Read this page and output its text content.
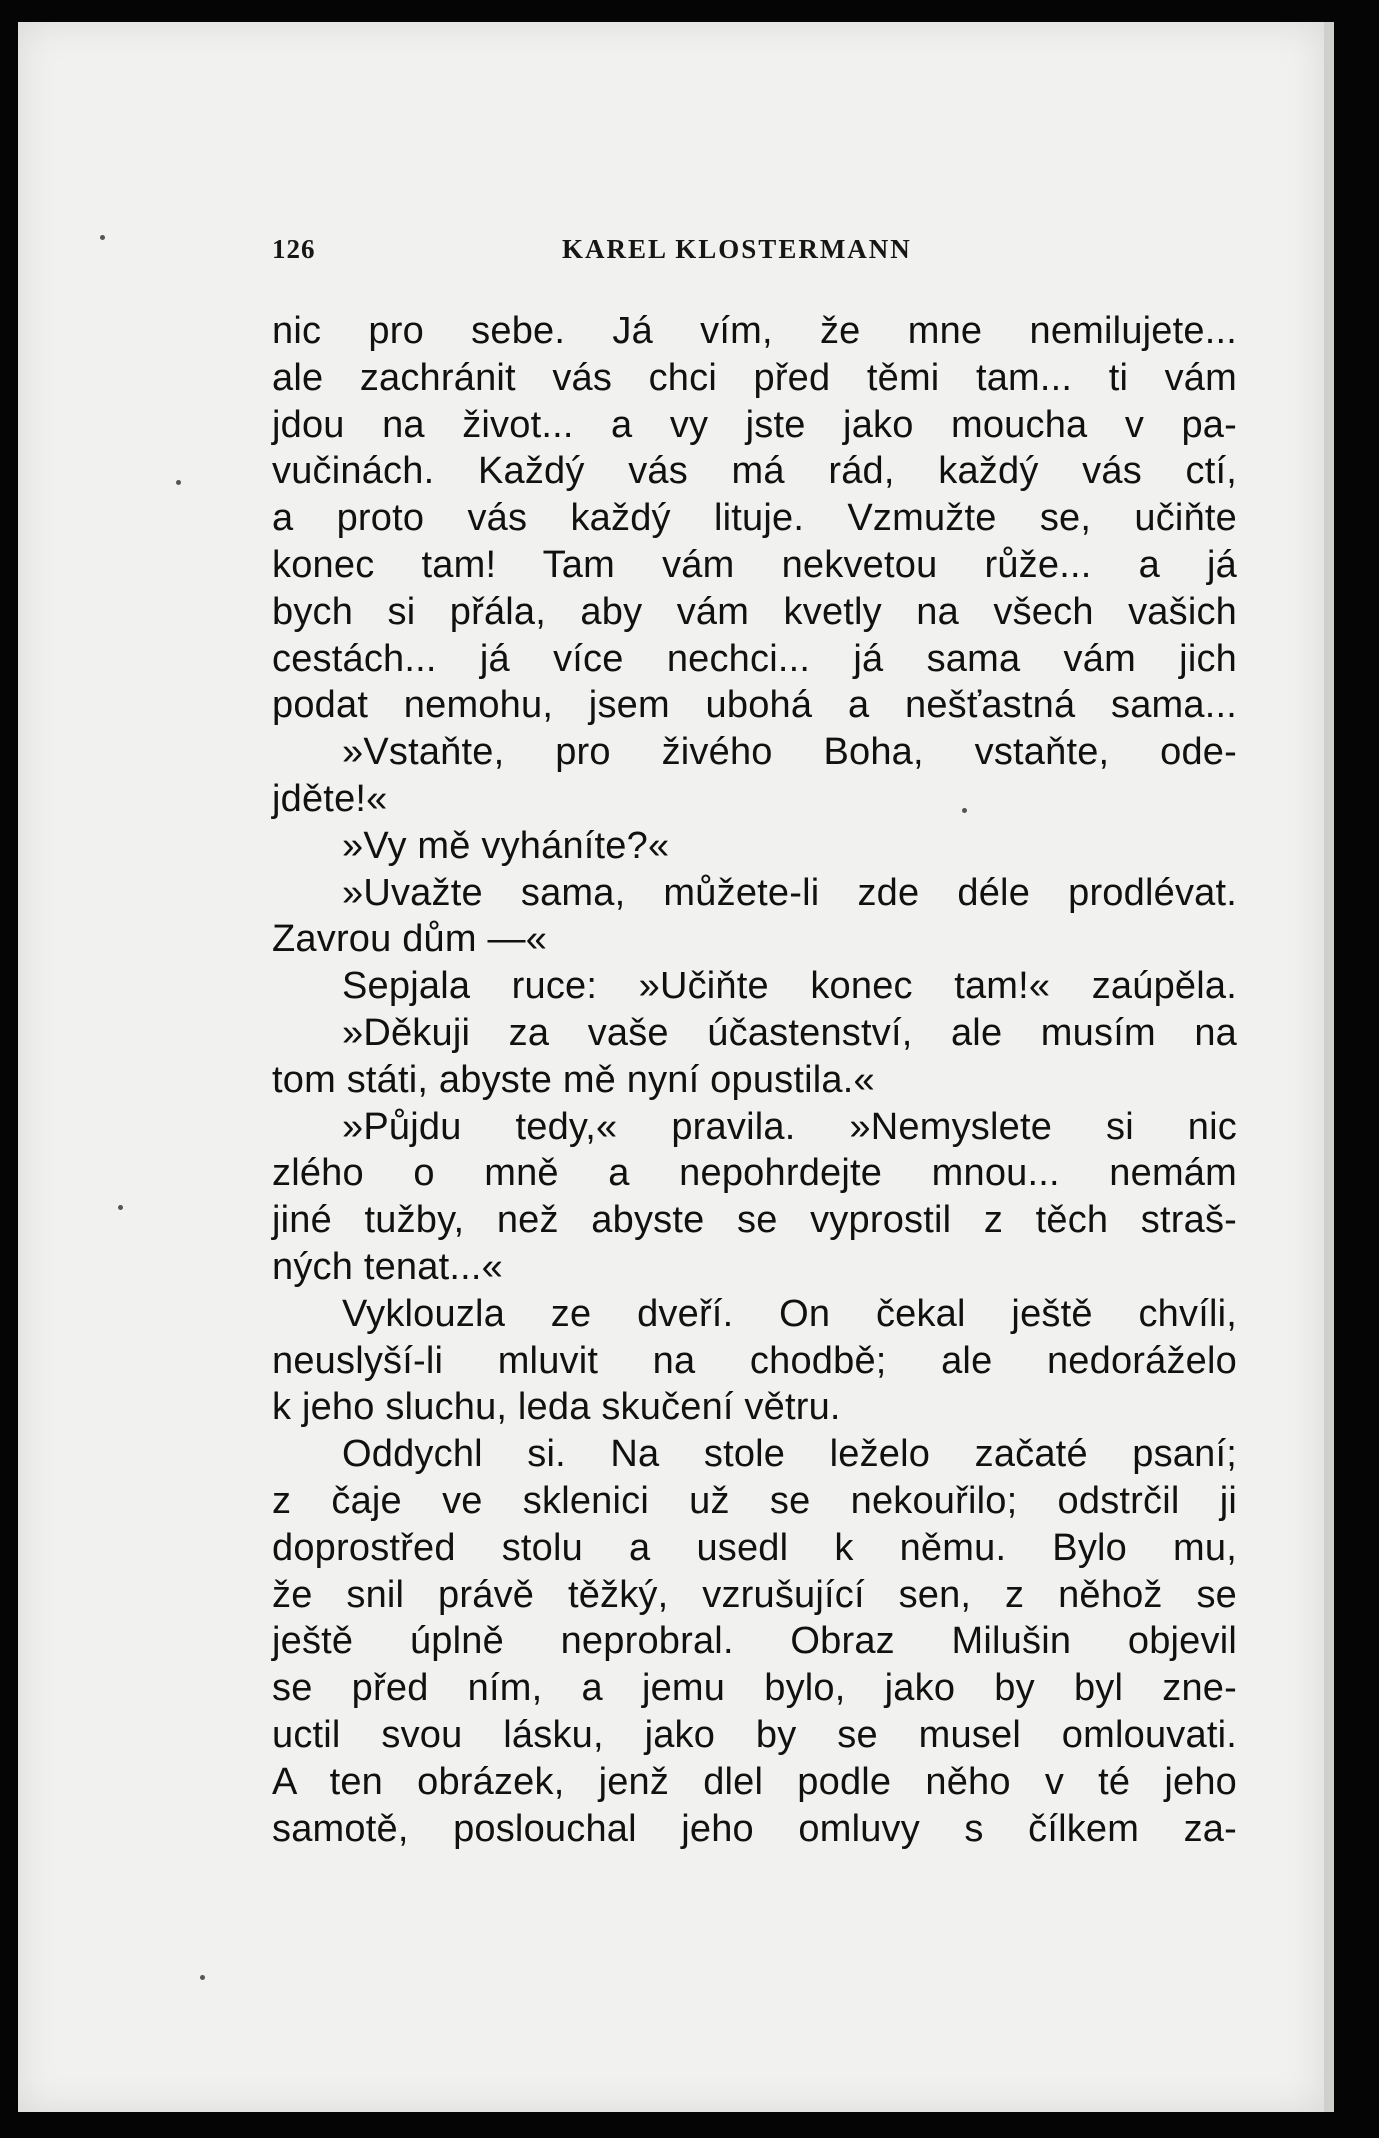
126	KAREL KLOSTERMANN
nic pro sebe. Já vím, že mne nemilujete...
ale zachránit vás chci před těmi tam... ti vám
jdou na život... a vy jste jako moucha v pa-
vučinách. Každý vás má rád, každý vás ctí,
a proto vás každý lituje. Vzmužte se, učiňte
konec tam! Tam vám nekvetou růže... a já
bych si přála, aby vám kvetly na všech vašich
cestách... já více nechci... já sama vám jich
podat nemohu, jsem ubohá a nešťastná sama...
»Vstaňte, pro živého Boha, vstaňte, ode-
jděte!«
»Vy mě vyháníte?«
»Uvažte sama, můžete-li zde déle prodlévat.
Zavrou dům —«
Sepjala ruce: »Učiňte konec tam!« zaúpěla.
»Děkuji za vaše účastenství, ale musím na
tom státi, abyste mě nyní opustila.«
»Půjdu tedy,« pravila. »Nemyslete si nic
zlého o mně a nepohrdejte mnou... nemám
jiné tužby, než abyste se vyprostil z těch straš-
ných tenat...«
Vyklouzla ze dveří. On čekal ještě chvíli,
neuslyší-li mluvit na chodbě; ale nedoráželo
k jeho sluchu, leda skučení větru.
Oddychl si. Na stole leželo začaté psaní;
z čaje ve sklenici už se nekouřilo; odstrčil ji
doprostřed stolu a usedl k němu. Bylo mu,
že snil právě těžký, vzrušující sen, z něhož se
ještě úplně neprobral. Obraz Milušin objevil
se před ním, a jemu bylo, jako by byl zne-
uctil svou lásku, jako by se musel omlouvati.
A ten obrázek, jenž dlel podle něho v té jeho
samotě, poslouchal jeho omluvy s čílkem za-
